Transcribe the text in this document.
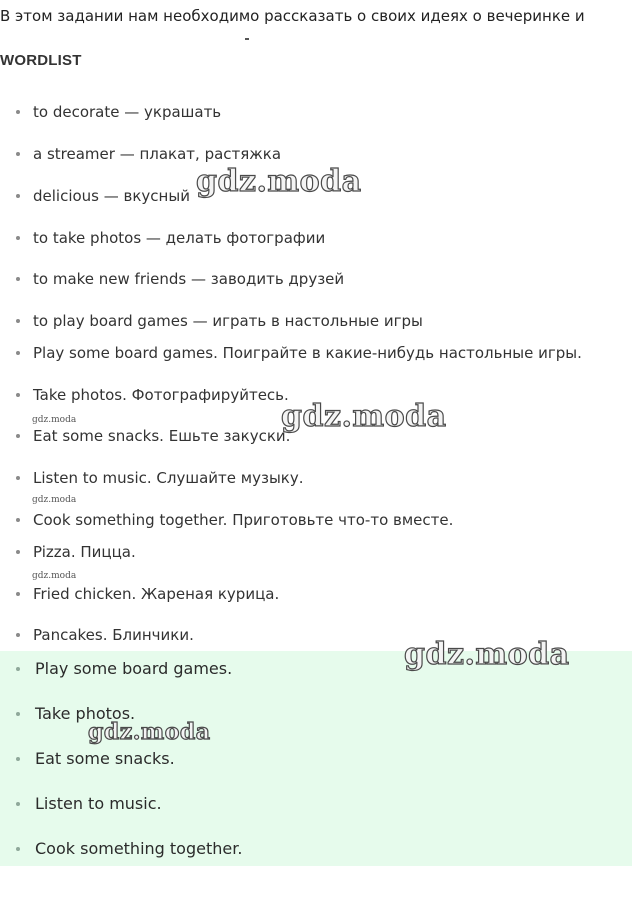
В этом задании нам необходимо рассказать о своих идеях о вечеринке и
WORDLIST
to decorate — украшать
a streamer — плакат, растяжка
delicious — вкусный
to take photos — делать фотографии
to make new friends — заводить друзей
to play board games — играть в настольные игры
Play some board games. Поиграйте в какие-нибудь настольные игры.
Take photos. Фотографируйтесь.
Eat some snacks. Ешьте закуски.
Listen to music. Слушайте музыку.
Cook something together. Приготовьте что-то вместе.
Pizza. Пицца.
Fried chicken. Жареная курица.
Pancakes. Блинчики.
Play some board games.
Take photos.
Eat some snacks.
Listen to music.
Cook something together.
gdz.moda
gdz.moda
gdz.moda
gdz.moda
gdz.moda
gdz.moda
gdz.moda
